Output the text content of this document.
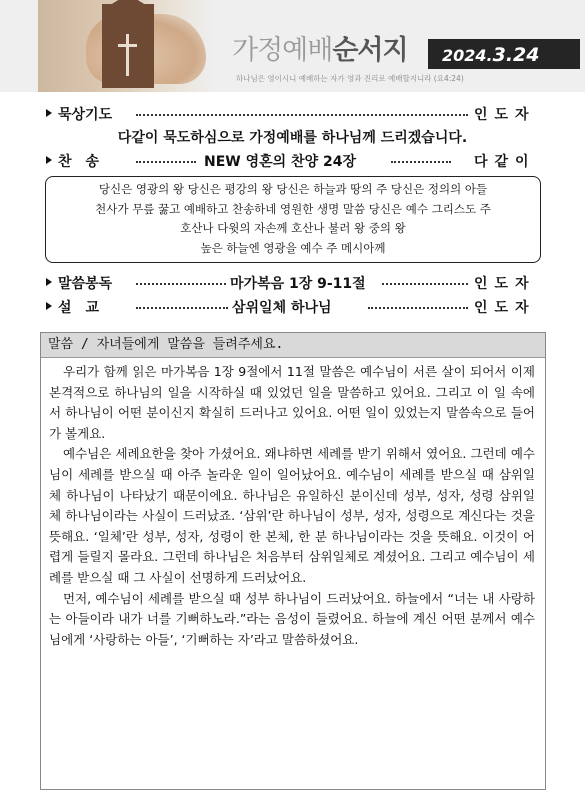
가정예배순서지 2024.3.24
하나님은 영이시니 예배하는 자가 영과 진리로 예배할지니라 (요4:24)
묵상기도	인도자
다같이 묵도하심으로 가정예배를 하나님께 드리겠습니다.
찬　송	NEW 영혼의 찬양 24장	다같이
당신은 영광의 왕 당신은 평강의 왕 당신은 하늘과 땅의 주 당신은 정의의 아들
천사가 무릎 꿇고 예배하고 찬송하네 영원한 생명 말씀 당신은 예수 그리스도 주
호산나 다윗의 자손께 호산나 불러 왕 중의 왕
높은 하늘엔 영광을 예수 주 메시아께
말씀봉독	마가복음 1장 9-11절	인도자
설　교	삼위일체 하나님	인도자
말씀 / 자녀들에게 말씀을 들려주세요.

우리가 함께 읽은 마가복음 1장 9절에서 11절 말씀은 예수님이 서른 살이 되어서 이제 본격적으로 하나님의 일을 시작하실 때 있었던 일을 말씀하고 있어요. 그리고 이 일 속에서 하나님이 어떤 분이신지 확실히 드러나고 있어요. 어떤 일이 있었는지 말씀속으로 들어가 볼게요.

예수님은 세례요한을 찾아 가셨어요. 왜냐하면 세례를 받기 위해서 였어요. 그런데 예수님이 세례를 받으실 때 아주 놀라운 일이 일어났어요. 예수님이 세례를 받으실 때 삼위일체 하나님이 나타났기 때문이에요. 하나님은 유일하신 분이신데 성부, 성자, 성령 삼위일체 하나님이라는 사실이 드러났죠. ‘삼위’란 하나님이 성부, 성자, 성령으로 계신다는 것을 뜻해요. ‘일체’란 성부, 성자, 성령이 한 본체, 한 분 하나님이라는 것을 뜻해요. 이것이 어렵게 들릴지 몰라요. 그런데 하나님은 처음부터 삼위일체로 계셨어요. 그리고 예수님이 세례를 받으실 때 그 사실이 선명하게 드러났어요.

먼저, 예수님이 세례를 받으실 때 성부 하나님이 드러났어요. 하늘에서 “너는 내 사랑하는 아들이라 내가 너를 기뻐하노라.”라는 음성이 들렸어요. 하늘에 계신 어떤 분께서 예수님에게 ‘사랑하는 아들’, ‘기뻐하는 자’라고 말씀하셨어요.
